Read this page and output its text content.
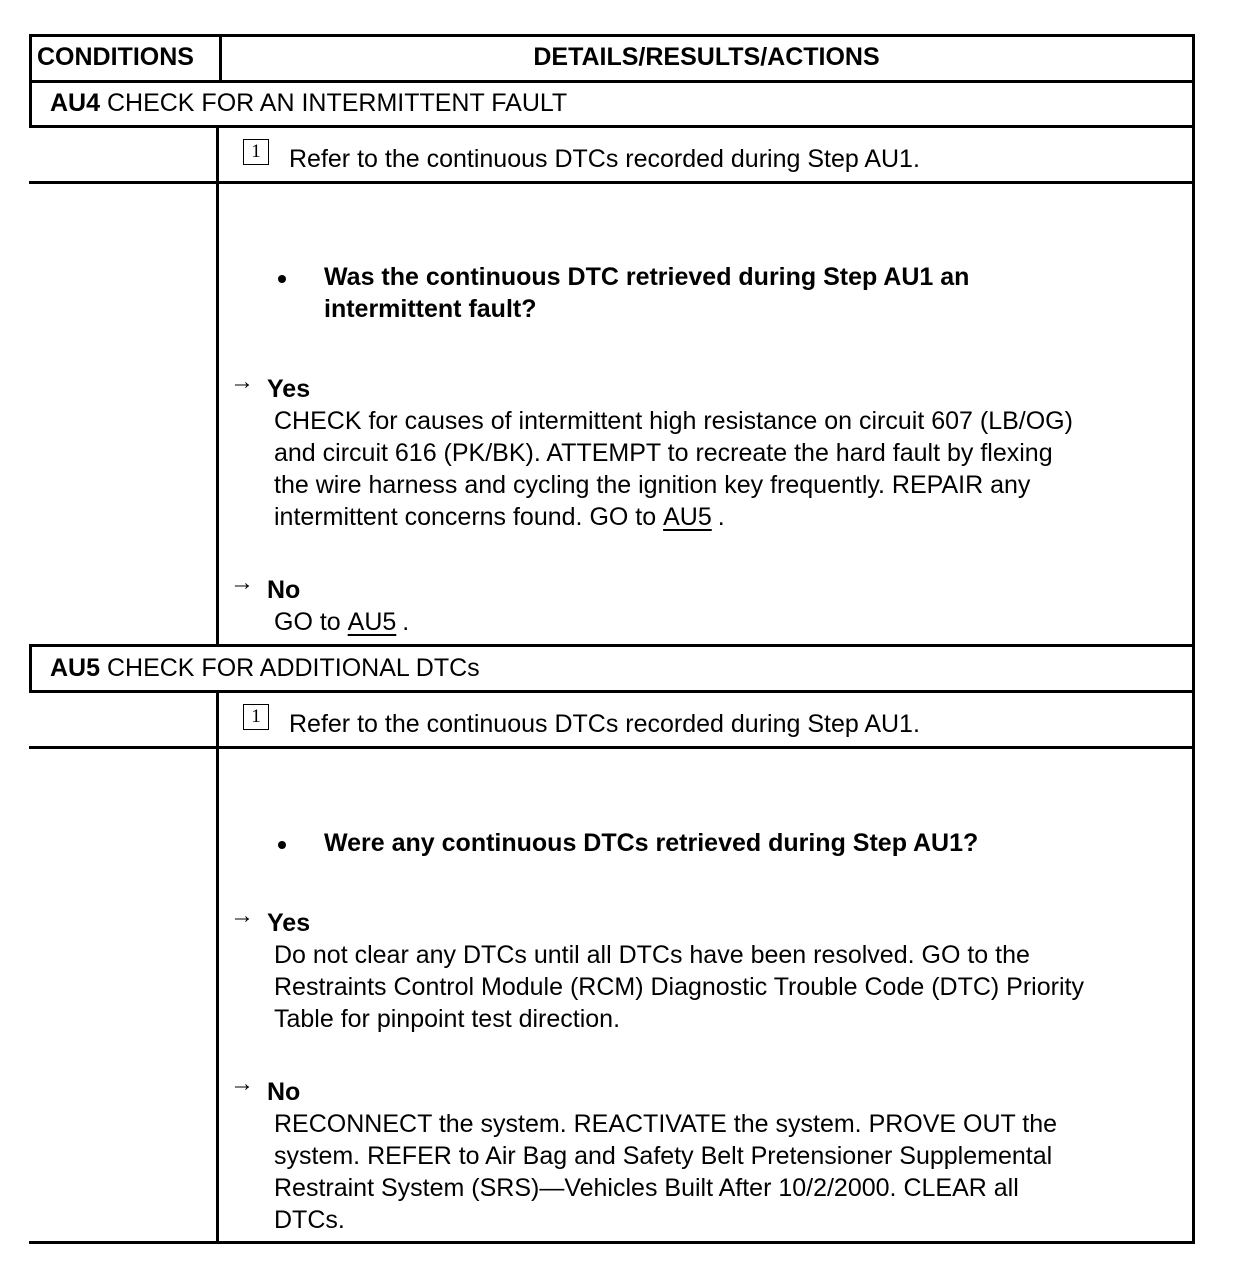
CONDITIONS	DETAILS/RESULTS/ACTIONS
AU4 CHECK FOR AN INTERMITTENT FAULT
1	Refer to the continuous DTCs recorded during Step AU1.
Was the continuous DTC retrieved during Step AU1 an
intermittent fault?
→ Yes
CHECK for causes of intermittent high resistance on circuit 607 (LB/OG)
and circuit 616 (PK/BK). ATTEMPT to recreate the hard fault by flexing
the wire harness and cycling the ignition key frequently. REPAIR any
intermittent concerns found. GO to AU5 .
→ No
GO to AU5 .
AU5 CHECK FOR ADDITIONAL DTCs
1	Refer to the continuous DTCs recorded during Step AU1.
Were any continuous DTCs retrieved during Step AU1?
→ Yes
Do not clear any DTCs until all DTCs have been resolved. GO to the
Restraints Control Module (RCM) Diagnostic Trouble Code (DTC) Priority
Table for pinpoint test direction.
→ No
RECONNECT the system. REACTIVATE the system. PROVE OUT the
system. REFER to Air Bag and Safety Belt Pretensioner Supplemental
Restraint System (SRS)—Vehicles Built After 10/2/2000. CLEAR all
DTCs.
